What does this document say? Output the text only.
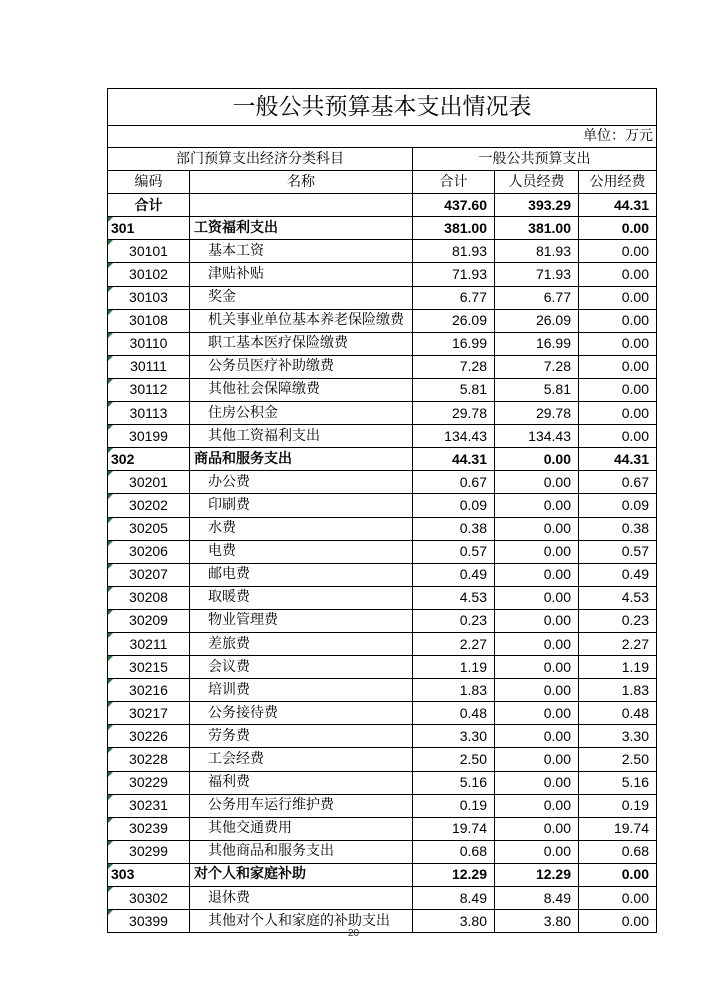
一般公共预算基本支出情况表				
单位：万元				
部门预算支出经济分类科目		一般公共预算支出		
编码	名称	合计	人员经费	公用经费
合计		437.60	393.29	44.31

301	工资福利支出	381.00	381.00	0.00

30101	基本工资	81.93	81.93	0.00

30102	津贴补贴	71.93	71.93	0.00

30103	奖金	6.77	6.77	0.00

30108	机关事业单位基本养老保险缴费	26.09	26.09	0.00

30110	职工基本医疗保险缴费	16.99	16.99	0.00

30111	公务员医疗补助缴费	7.28	7.28	0.00

30112	其他社会保障缴费	5.81	5.81	0.00

30113	住房公积金	29.78	29.78	0.00

30199	其他工资福利支出	134.43	134.43	0.00

302	商品和服务支出	44.31	0.00	44.31

30201	办公费	0.67	0.00	0.67

30202	印刷费	0.09	0.00	0.09

30205	水费	0.38	0.00	0.38

30206	电费	0.57	0.00	0.57

30207	邮电费	0.49	0.00	0.49

30208	取暖费	4.53	0.00	4.53

30209	物业管理费	0.23	0.00	0.23

30211	差旅费	2.27	0.00	2.27

30215	会议费	1.19	0.00	1.19

30216	培训费	1.83	0.00	1.83

30217	公务接待费	0.48	0.00	0.48

30226	劳务费	3.30	0.00	3.30

30228	工会经费	2.50	0.00	2.50

30229	福利费	5.16	0.00	5.16

30231	公务用车运行维护费	0.19	0.00	0.19

30239	其他交通费用	19.74	0.00	19.74

30299	其他商品和服务支出	0.68	0.00	0.68

303	对个人和家庭补助	12.29	12.29	0.00

30302	退休费	8.49	8.49	0.00

30399	其他对个人和家庭的补助支出	3.80	3.80	0.00
20
